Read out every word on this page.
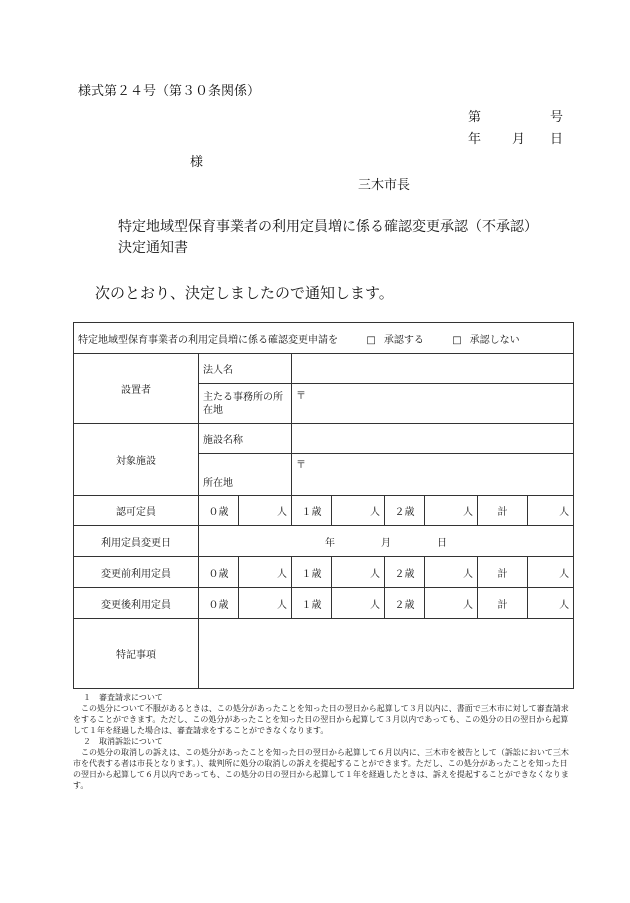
様式第２４号（第３０条関係）
第	号
年 月 日
様
三木市長
特定地域型保育事業者の利用定員増に係る確認変更承認（不承認）
決定通知書
次のとおり、決定しましたので通知します。
特定地域型保育事業者の利用定員増に係る確認変更申請を □ 承認する □ 承認しない								
設置者	法人名							
	主たる事務所の所在地		〒					
対象施設	施設名称							
	所在地		〒					
認可定員	０歳	人	１歳	人	２歳	人	計	人
利用定員変更日	年 月 日							
変更前利用定員	０歳	人	１歳	人	２歳	人	計	人
変更後利用定員	０歳	人	１歳	人	２歳	人	計	人
特記事項								
１　審査請求について

この処分について不服があるときは、この処分があったことを知った日の翌日から起算して３月以内に、書面で三木市に対して審査請求をすることができます。ただし、この処分があったことを知った日の翌日から起算して３月以内であっても、この処分の日の翌日から起算して１年を経過した場合は、審査請求をすることができなくなります。

２　取消訴訟について

この処分の取消しの訴えは、この処分があったことを知った日の翌日から起算して６月以内に、三木市を被告として（訴訟において三木市を代表する者は市長となります。）、裁判所に処分の取消しの訴えを提起することができます。ただし、この処分があったことを知った日の翌日から起算して６月以内であっても、この処分の日の翌日から起算して１年を経過したときは、訴えを提起することができなくなります。
